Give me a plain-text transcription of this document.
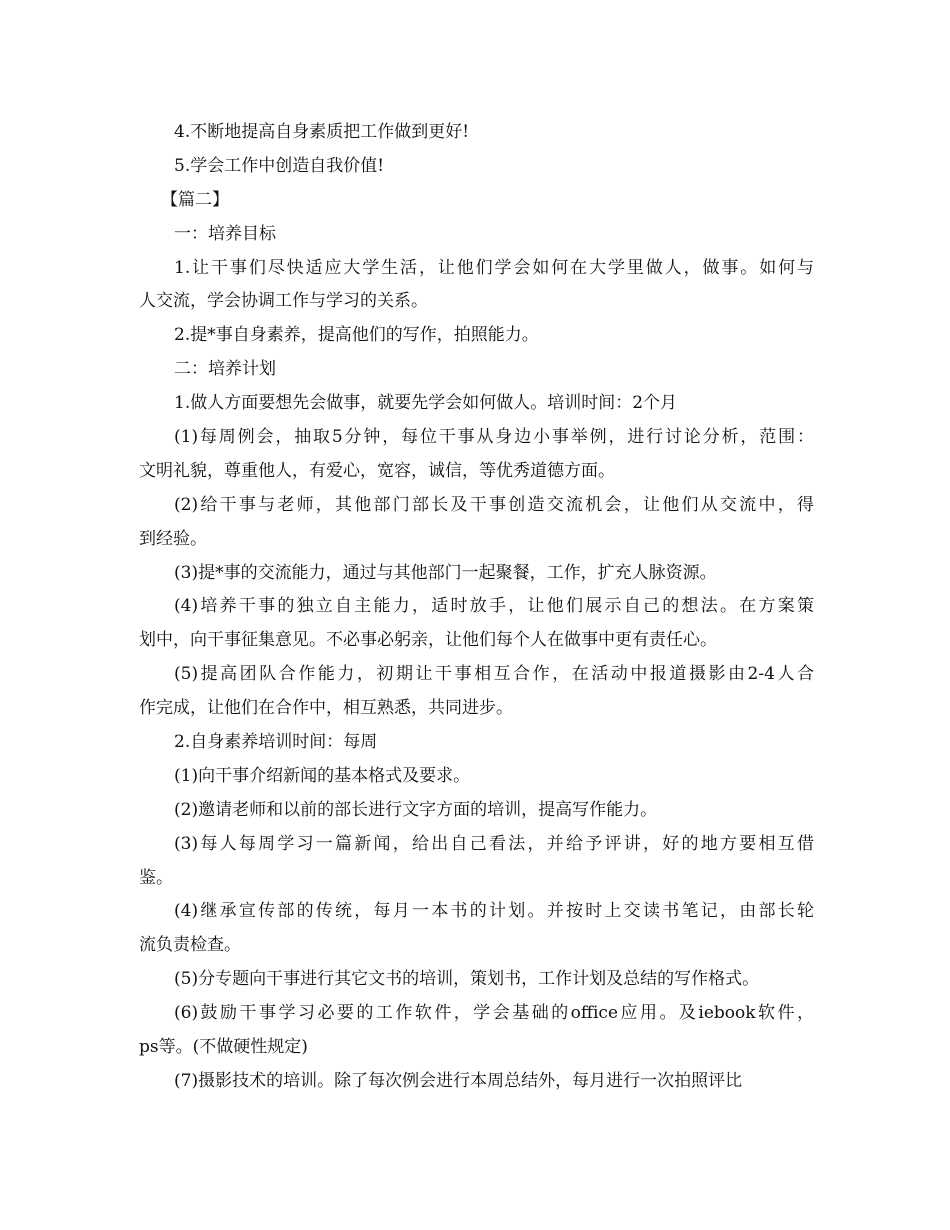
4.不断地提高自身素质把工作做到更好!
5.学会工作中创造自我价值!
【篇二】
一：培养目标
1.让干事们尽快适应大学生活，让他们学会如何在大学里做人，做事。如何与
人交流，学会协调工作与学习的关系。
2.提*事自身素养，提高他们的写作，拍照能力。
二：培养计划
1.做人方面要想先会做事，就要先学会如何做人。培训时间：2个月
(1)每周例会，抽取5分钟，每位干事从身边小事举例，进行讨论分析，范围：
文明礼貌，尊重他人，有爱心，宽容，诚信，等优秀道德方面。
(2)给干事与老师，其他部门部长及干事创造交流机会，让他们从交流中，得
到经验。
(3)提*事的交流能力，通过与其他部门一起聚餐，工作，扩充人脉资源。
(4)培养干事的独立自主能力，适时放手，让他们展示自己的想法。在方案策
划中，向干事征集意见。不必事必躬亲，让他们每个人在做事中更有责任心。
(5)提高团队合作能力，初期让干事相互合作，在活动中报道摄影由2-4人合
作完成，让他们在合作中，相互熟悉，共同进步。
2.自身素养培训时间：每周
(1)向干事介绍新闻的基本格式及要求。
(2)邀请老师和以前的部长进行文字方面的培训，提高写作能力。
(3)每人每周学习一篇新闻，给出自己看法，并给予评讲，好的地方要相互借
鉴。
(4)继承宣传部的传统，每月一本书的计划。并按时上交读书笔记，由部长轮
流负责检查。
(5)分专题向干事进行其它文书的培训，策划书，工作计划及总结的写作格式。
(6)鼓励干事学习必要的工作软件，学会基础的office应用。及iebook软件，
ps等。(不做硬性规定)
(7)摄影技术的培训。除了每次例会进行本周总结外，每月进行一次拍照评比
